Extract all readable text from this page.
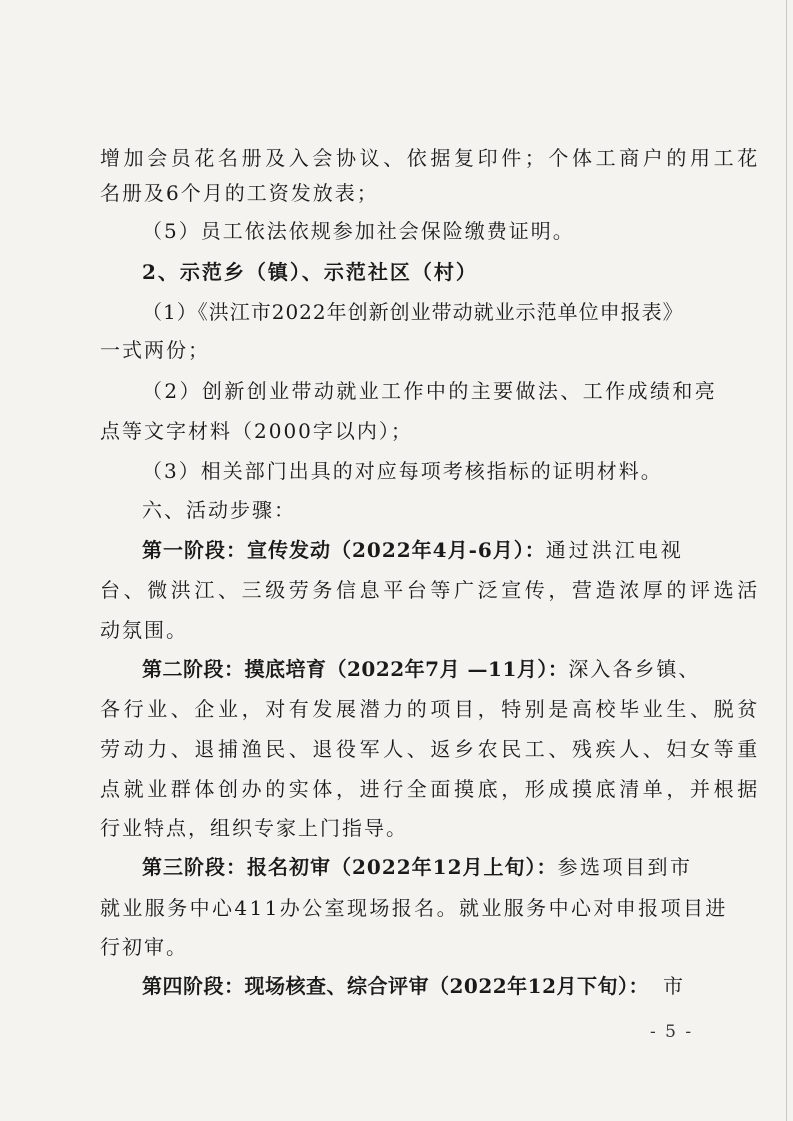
增加会员花名册及入会协议、依据复印件；个体工商户的用工花
名册及6个月的工资发放表；
（5）员工依法依规参加社会保险缴费证明。
2、示范乡（镇）、示范社区（村）
（1）《洪江市2022年创新创业带动就业示范单位申报表》
一式两份；
（2）创新创业带动就业工作中的主要做法、工作成绩和亮
点等文字材料（2000字以内）；
（3）相关部门出具的对应每项考核指标的证明材料。
六、活动步骤：
第一阶段：宣传发动（2022年4月-6月）：通过洪江电视
台、微洪江、三级劳务信息平台等广泛宣传，营造浓厚的评选活
动氛围。
第二阶段：摸底培育（2022年7月 —11月）：深入各乡镇、
各行业、企业，对有发展潜力的项目，特别是高校毕业生、脱贫
劳动力、退捕渔民、退役军人、返乡农民工、残疾人、妇女等重
点就业群体创办的实体，进行全面摸底，形成摸底清单，并根据
行业特点，组织专家上门指导。
第三阶段：报名初审（2022年12月上旬）：参选项目到市
就业服务中心411办公室现场报名。就业服务中心对申报项目进
行初审。
第四阶段：现场核查、综合评审（2022年12月下旬）： 市
- 5 -
